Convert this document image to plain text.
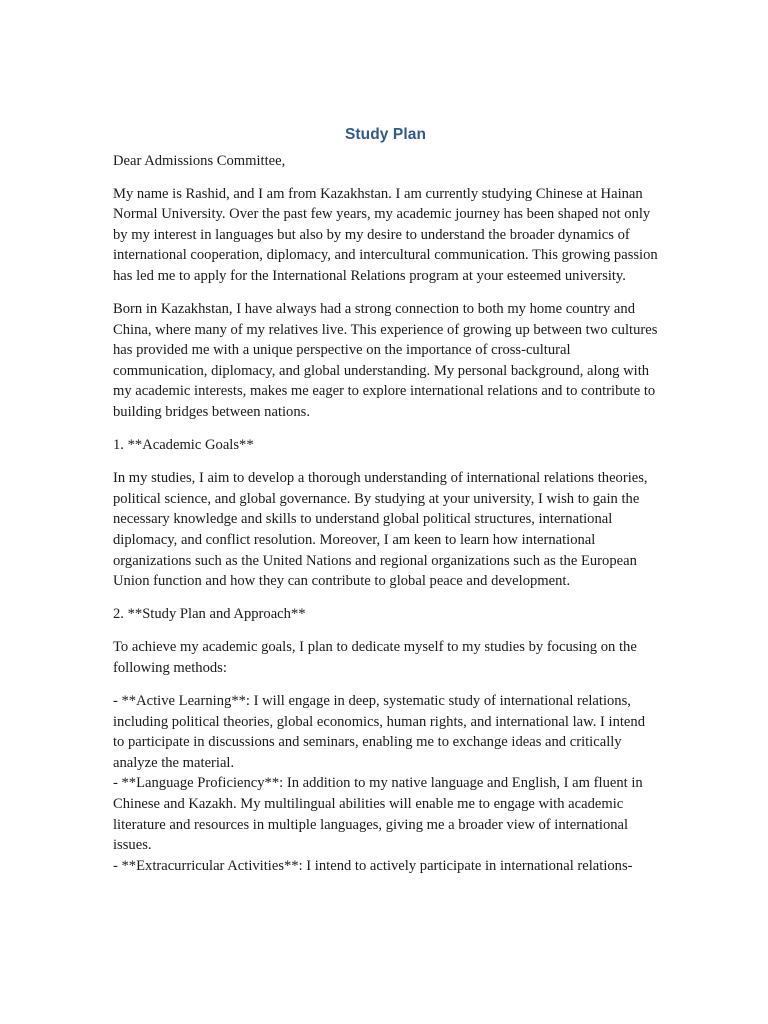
Study Plan
Dear Admissions Committee,
My name is Rashid, and I am from Kazakhstan. I am currently studying Chinese at Hainan Normal University. Over the past few years, my academic journey has been shaped not only by my interest in languages but also by my desire to understand the broader dynamics of international cooperation, diplomacy, and intercultural communication. This growing passion has led me to apply for the International Relations program at your esteemed university.
Born in Kazakhstan, I have always had a strong connection to both my home country and China, where many of my relatives live. This experience of growing up between two cultures has provided me with a unique perspective on the importance of cross-cultural communication, diplomacy, and global understanding. My personal background, along with my academic interests, makes me eager to explore international relations and to contribute to building bridges between nations.
1. **Academic Goals**
In my studies, I aim to develop a thorough understanding of international relations theories, political science, and global governance. By studying at your university, I wish to gain the necessary knowledge and skills to understand global political structures, international diplomacy, and conflict resolution. Moreover, I am keen to learn how international organizations such as the United Nations and regional organizations such as the European Union function and how they can contribute to global peace and development.
2. **Study Plan and Approach**
To achieve my academic goals, I plan to dedicate myself to my studies by focusing on the following methods:
- **Active Learning**: I will engage in deep, systematic study of international relations, including political theories, global economics, human rights, and international law. I intend to participate in discussions and seminars, enabling me to exchange ideas and critically analyze the material.
- **Language Proficiency**: In addition to my native language and English, I am fluent in Chinese and Kazakh. My multilingual abilities will enable me to engage with academic literature and resources in multiple languages, giving me a broader view of international issues.
- **Extracurricular Activities**: I intend to actively participate in international relations-
